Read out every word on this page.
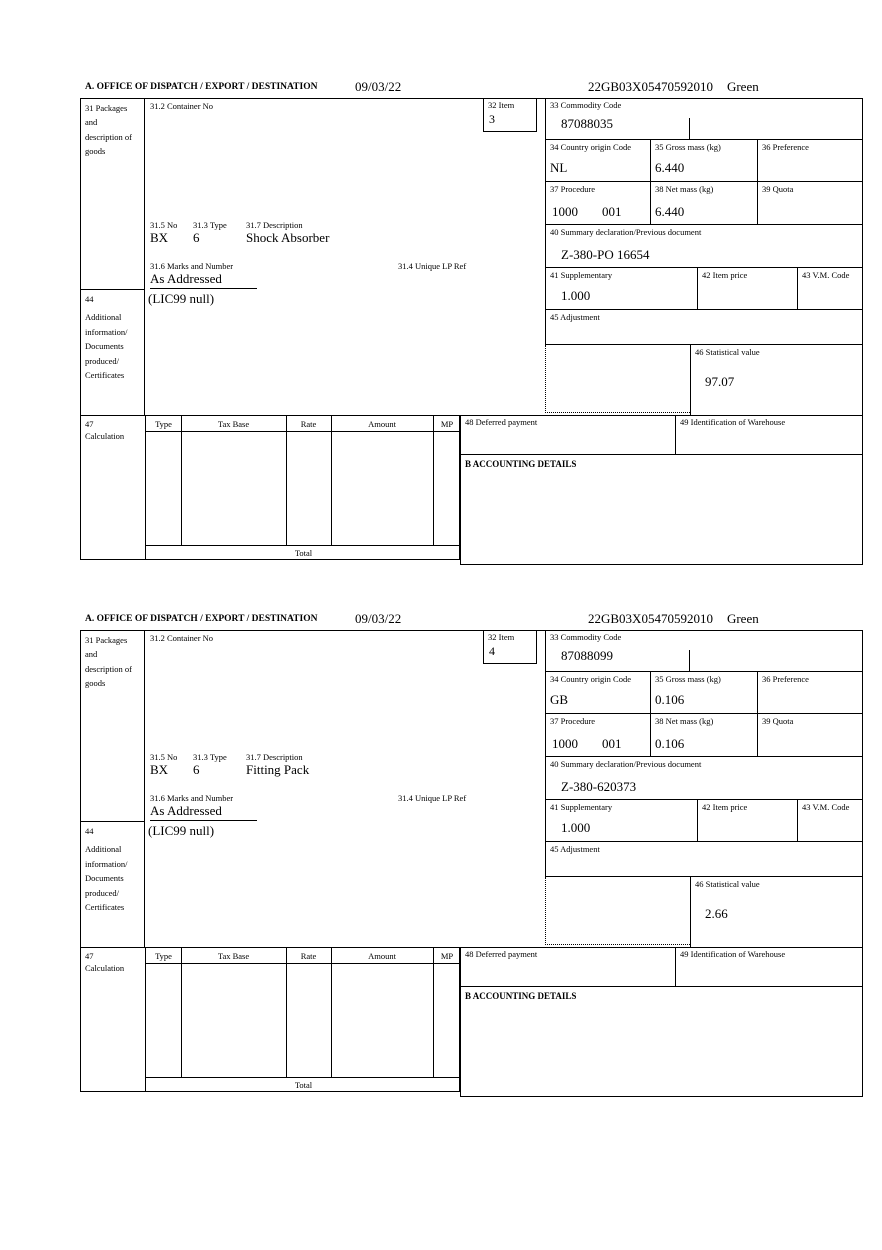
A. OFFICE OF DISPATCH / EXPORT / DESTINATION	09/03/22	22GB03X05470592010 Green
31 Packages and description of goods
44
Additional information/ Documents produced/ Certificates
47
Calculation
31.2 Container No	32 Item
3
31.5 No 31.3 Type 31.7 Description
BX 6	Shock Absorber
31.6 Marks and Number	31.4 Unique LP Ref
As Addressed
(LIC99 null)
33 Commodity Code
87088035
34 Country origin Code
NL
35 Gross mass (kg)
6.440
36 Preference
37 Procedure
1000 001
38 Net mass (kg)
6.440
39 Quota
40 Summary declaration/Previous document
Z-380-PO 16654
41 Supplementary
1.000
42 Item price	43 V.M. Code
45 Adjustment
46 Statistical value
97.07
Type	Tax Base	Rate	Amount	MP
Total
48 Deferred payment	49 Identification of Warehouse
B ACCOUNTING DETAILS
A. OFFICE OF DISPATCH / EXPORT / DESTINATION	09/03/22	22GB03X05470592010 Green
31 Packages and description of goods
44
Additional information/ Documents produced/ Certificates
47
Calculation
31.2 Container No	32 Item
4
31.5 No 31.3 Type 31.7 Description
BX 6	Fitting Pack
31.6 Marks and Number	31.4 Unique LP Ref
As Addressed
(LIC99 null)
33 Commodity Code
87088099
34 Country origin Code
GB
35 Gross mass (kg)
0.106
36 Preference
37 Procedure
1000 001
38 Net mass (kg)
0.106
39 Quota
40 Summary declaration/Previous document
Z-380-620373
41 Supplementary
1.000
42 Item price	43 V.M. Code
45 Adjustment
46 Statistical value
2.66
Type	Tax Base	Rate	Amount	MP
Total
48 Deferred payment	49 Identification of Warehouse
B ACCOUNTING DETAILS
